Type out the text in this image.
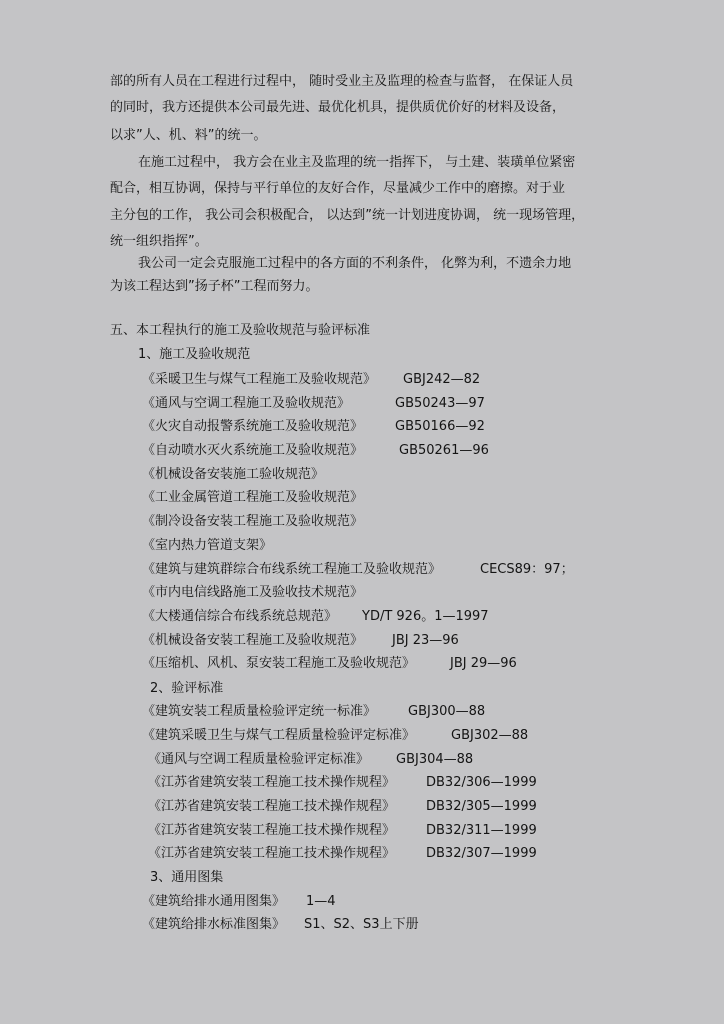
部的所有人员在工程进行过程中， 随时受业主及监理的检查与监督， 在保证人员
的同时，我方还提供本公司最先进、最优化机具，提供质优价好的材料及设备，
以求”人、机、料”的统一。
在施工过程中， 我方会在业主及监理的统一指挥下， 与土建、装璜单位紧密
配合，相互协调，保持与平行单位的友好合作，尽量减少工作中的磨擦。对于业
主分包的工作， 我公司会积极配合， 以达到”统一计划进度协调， 统一现场管理，
统一组织指挥”。
我公司一定会克服施工过程中的各方面的不利条件， 化弊为利，不遗余力地
为该工程达到”扬子杯”工程而努力。
五、本工程执行的施工及验收规范与验评标准
1、施工及验收规范
《采暖卫生与煤气工程施工及验收规范》 GBJ242—82
《通风与空调工程施工及验收规范》	GB50243—97
《火灾自动报警系统施工及验收规范》 GB50166—92
《自动喷水灭火系统施工及验收规范》	GB50261—96
《机械设备安装施工验收规范》
《工业金属管道工程施工及验收规范》
《制冷设备安装工程施工及验收规范》
《室内热力管道支架》
《建筑与建筑群综合布线系统工程施工及验收规范》	CECS89：97；
《市内电信线路施工及验收技术规范》
《大楼通信综合布线系统总规范》 YD/T 926。1—1997
《机械设备安装工程施工及验收规范》 JBJ 23—96
《压缩机、风机、泵安装工程施工及验收规范》	JBJ 29—96
2、验评标准
《建筑安装工程质量检验评定统一标准》 GBJ300—88
《建筑采暖卫生与煤气工程质量检验评定标准》	GBJ302—88
《通风与空调工程质量检验评定标准》 GBJ304—88
《江苏省建筑安装工程施工技术操作规程》 DB32/306—1999
《江苏省建筑安装工程施工技术操作规程》 DB32/305—1999
《江苏省建筑安装工程施工技术操作规程》 DB32/311—1999
《江苏省建筑安装工程施工技术操作规程》 DB32/307—1999
3、通用图集
《建筑给排水通用图集》 1—4
《建筑给排水标准图集》 S1、S2、S3上下册
